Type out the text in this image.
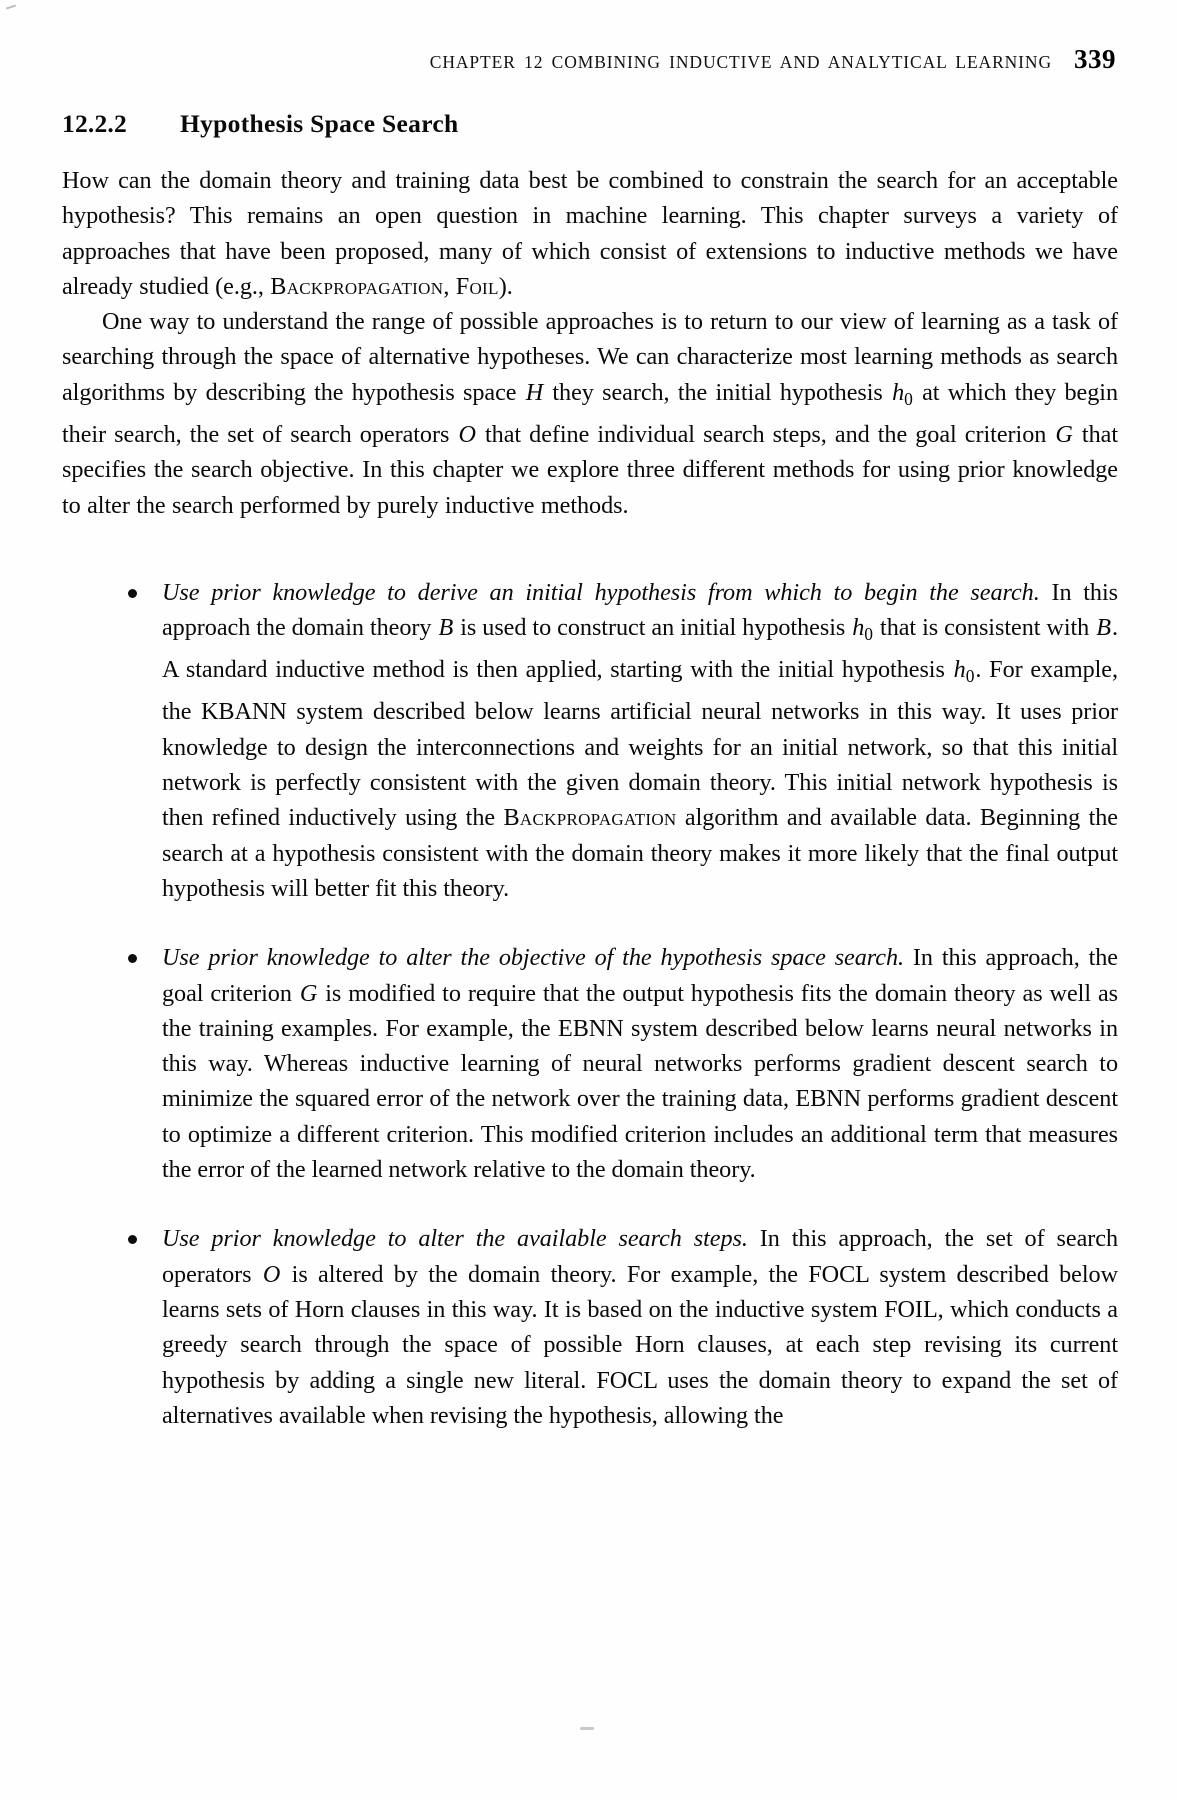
CHAPTER 12 COMBINING INDUCTIVE AND ANALYTICAL LEARNING 339
12.2.2	Hypothesis Space Search

How can the domain theory and training data best be combined to constrain the search for an acceptable hypothesis? This remains an open question in machine learning. This chapter surveys a variety of approaches that have been proposed, many of which consist of extensions to inductive methods we have already studied (e.g., Backpropagation, Foil).

One way to understand the range of possible approaches is to return to our view of learning as a task of searching through the space of alternative hypotheses. We can characterize most learning methods as search algorithms by describing the hypothesis space H they search, the initial hypothesis $h_0$ at which they begin their search, the set of search operators O that define individual search steps, and the goal criterion G that specifies the search objective. In this chapter we explore three different methods for using prior knowledge to alter the search performed by purely inductive methods.

Use prior knowledge to derive an initial hypothesis from which to begin the search. In this approach the domain theory B is used to construct an initial hypothesis $h_0$ that is consistent with B. A standard inductive method is then applied, starting with the initial hypothesis $h_0$. For example, the KBANN system described below learns artificial neural networks in this way. It uses prior knowledge to design the interconnections and weights for an initial network, so that this initial network is perfectly consistent with the given domain theory. This initial network hypothesis is then refined inductively using the Backpropagation algorithm and available data. Beginning the search at a hypothesis consistent with the domain theory makes it more likely that the final output hypothesis will better fit this theory.
Use prior knowledge to alter the objective of the hypothesis space search. In this approach, the goal criterion G is modified to require that the output hypothesis fits the domain theory as well as the training examples. For example, the EBNN system described below learns neural networks in this way. Whereas inductive learning of neural networks performs gradient descent search to minimize the squared error of the network over the training data, EBNN performs gradient descent to optimize a different criterion. This modified criterion includes an additional term that measures the error of the learned network relative to the domain theory.
Use prior knowledge to alter the available search steps. In this approach, the set of search operators O is altered by the domain theory. For example, the FOCL system described below learns sets of Horn clauses in this way. It is based on the inductive system FOIL, which conducts a greedy search through the space of possible Horn clauses, at each step revising its current hypothesis by adding a single new literal. FOCL uses the domain theory to expand the set of alternatives available when revising the hypothesis, allowing the
